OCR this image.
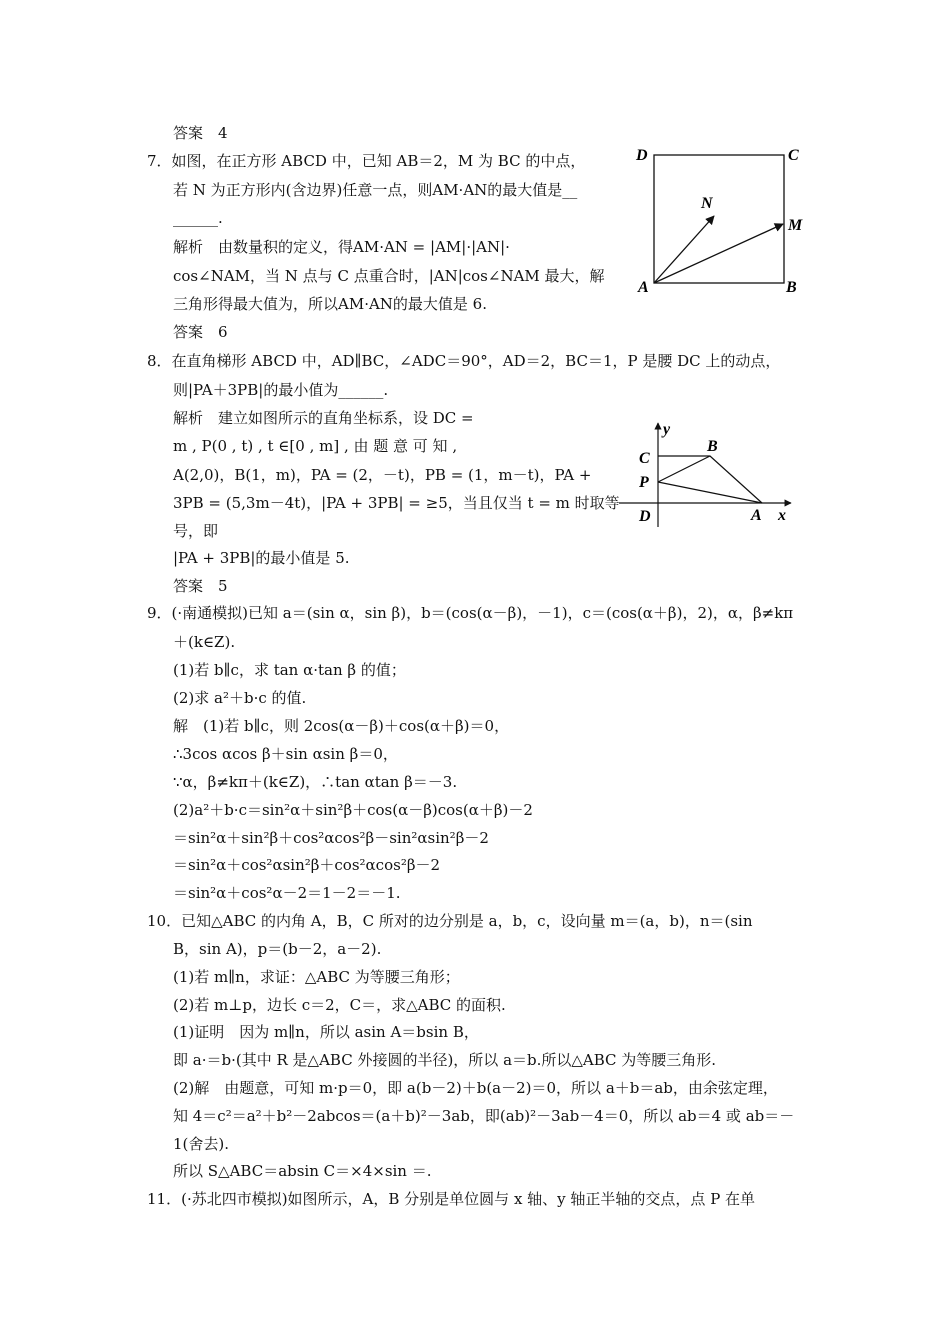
答案　4
7．如图，在正方形 ABCD 中，已知 AB＝2，M 为 BC 的中点，
若 N 为正方形内(含边界)任意一点，则AM·AN的最大值是__
______.
解析　由数量积的定义，得AM·AN = |AM|·|AN|·
cos∠NAM，当 N 点与 C 点重合时，|AN|cos∠NAM 最大，解
三角形得最大值为，所以AM·AN的最大值是 6.
答案　6
8．在直角梯形 ABCD 中，AD∥BC，∠ADC＝90°，AD＝2，BC＝1，P 是腰 DC 上的动点，
则|PA＋3PB|的最小值为______.
解析　建立如图所示的直角坐标系，设 DC =
m , P(0 , t) , t ∈[0 , m] , 由 题 意 可 知 ,
A(2,0)，B(1，m)，PA = (2，－t)，PB = (1，m－t)，PA +
3PB = (5,3m－4t)，|PA + 3PB| = ≥5，当且仅当 t = m 时取等
号，即
|PA + 3PB|的最小值是 5.
答案　5
9．(·南通模拟)已知 a＝(sin α，sin β)，b＝(cos(α－β)，－1)，c＝(cos(α＋β)，2)，α，β≠kπ
＋(k∈Z).
(1)若 b∥c，求 tan α·tan β 的值；
(2)求 a²＋b·c 的值.
解　(1)若 b∥c，则 2cos(α－β)＋cos(α＋β)＝0，
∴3cos αcos β＋sin αsin β＝0，
∵α，β≠kπ＋(k∈Z)，∴tan αtan β＝－3.
(2)a²＋b·c＝sin²α＋sin²β＋cos(α－β)cos(α＋β)－2
＝sin²α＋sin²β＋cos²αcos²β－sin²αsin²β－2
＝sin²α＋cos²αsin²β＋cos²αcos²β－2
＝sin²α＋cos²α－2＝1－2＝－1.
10．已知△ABC 的内角 A，B，C 所对的边分别是 a，b，c，设向量 m＝(a，b)，n＝(sin
B，sin A)，p＝(b－2，a－2).
(1)若 m∥n，求证：△ABC 为等腰三角形；
(2)若 m⊥p，边长 c＝2，C＝，求△ABC 的面积.
(1)证明　因为 m∥n，所以 asin A＝bsin B，
即 a·＝b·(其中 R 是△ABC 外接圆的半径)，所以 a＝b.所以△ABC 为等腰三角形.
(2)解　由题意，可知 m·p＝0，即 a(b－2)＋b(a－2)＝0，所以 a＋b＝ab，由余弦定理，
知 4＝c²＝a²＋b²－2abcos＝(a＋b)²－3ab，即(ab)²－3ab－4＝0，所以 ab＝4 或 ab＝－
1(舍去).
所以 S△ABC＝absin C＝×4×sin ＝.
11．(·苏北四市模拟)如图所示，A，B 分别是单位圆与 x 轴、y 轴正半轴的交点，点 P 在单
D	C
N
M
A	B
y
B
C
P
D	A x
